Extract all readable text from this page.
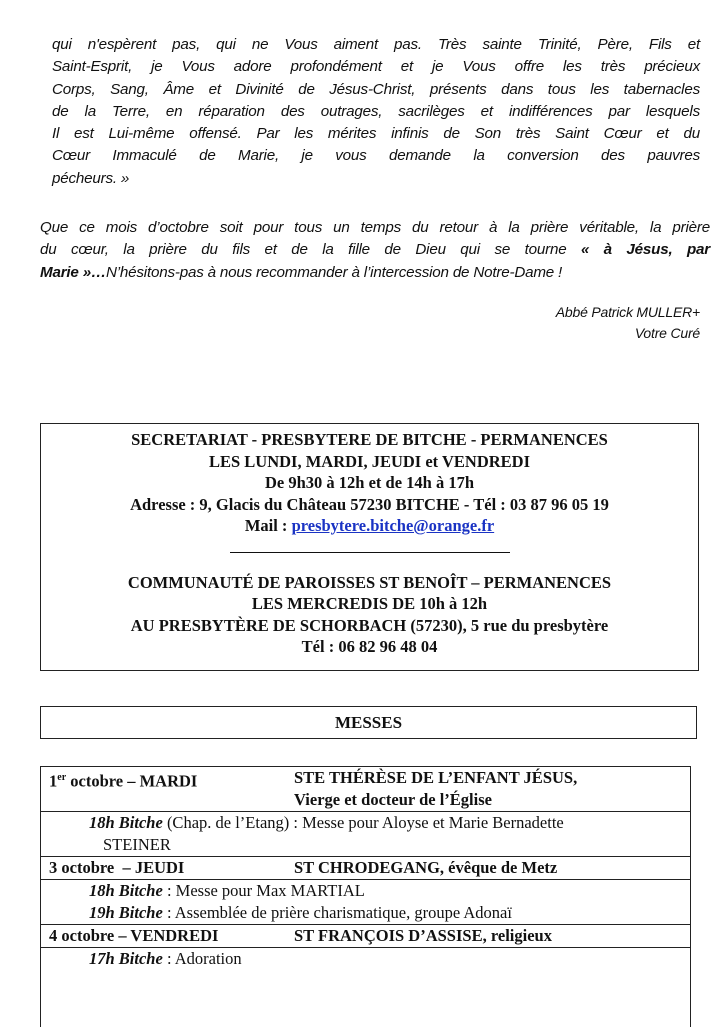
qui n'espèrent pas, qui ne Vous aiment pas. Très sainte Trinité, Père, Fils et
Saint-Esprit, je Vous adore profondément et je Vous offre les très précieux
Corps, Sang, Âme et Divinité de Jésus-Christ, présents dans tous les tabernacles
de la Terre, en réparation des outrages, sacrilèges et indifférences par lesquels
Il est Lui-même offensé. Par les mérites infinis de Son très Saint Cœur et du
Cœur Immaculé de Marie, je vous demande la conversion des pauvres
pécheurs. »
Que ce mois d’octobre soit pour tous un temps du retour à la prière véritable, la prière
du cœur, la prière du fils et de la fille de Dieu qui se tourne « à Jésus, par
Marie »…N’hésitons-pas à nous recommander à l’intercession de Notre-Dame !
Abbé Patrick MULLER+
Votre Curé
SECRETARIAT - PRESBYTERE DE BITCHE - PERMANENCES
LES LUNDI, MARDI, JEUDI et VENDREDI
De 9h30 à 12h et de 14h à 17h
Adresse : 9, Glacis du Château 57230 BITCHE - Tél : 03 87 96 05 19
Mail : presbytere.bitche@orange.fr
COMMUNAUTÉ DE PAROISSES ST BENOÎT – PERMANENCES
LES MERCREDIS DE 10h à 12h
AU PRESBYTÈRE DE SCHORBACH (57230), 5 rue du presbytère
Tél : 06 82 96 48 04
MESSES
1er octobre – MARDI	STE THÉRÈSE DE L’ENFANT JÉSUS,
Vierge et docteur de l’Église
18h Bitche (Chap. de l’Etang) : Messe pour Aloyse et Marie Bernadette
STEINER
3 octobre  – JEUDI	ST CHRODEGANG, évêque de Metz
18h Bitche : Messe pour Max MARTIAL
19h Bitche : Assemblée de prière charismatique, groupe Adonaï
4 octobre – VENDREDI	ST FRANÇOIS D’ASSISE, religieux
17h Bitche : Adoration
